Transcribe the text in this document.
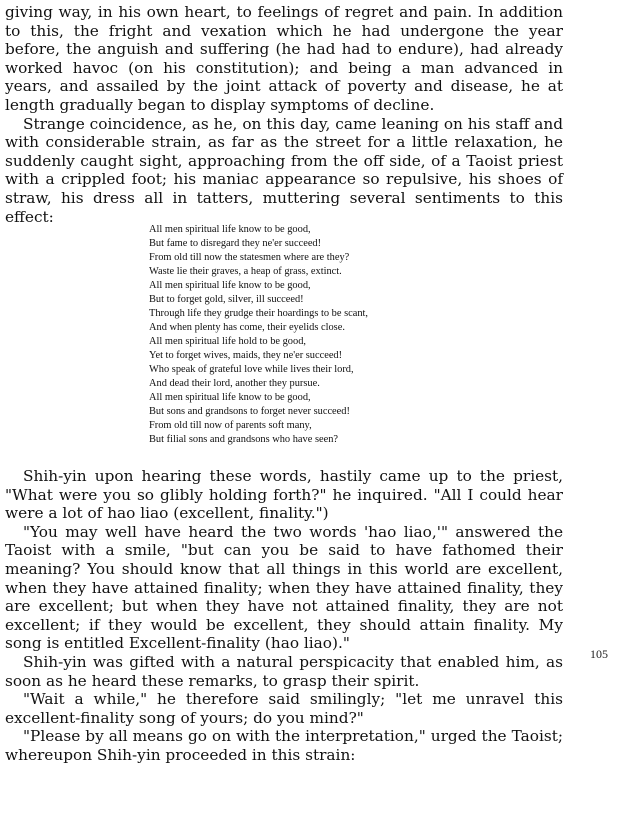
giving way, in his own heart, to feelings of regret and pain. In addition to this, the fright and vexation which he had undergone the year before, the anguish and suffering (he had had to endure), had already worked havoc (on his constitution); and being a man advanced in years, and assailed by the joint attack of poverty and disease, he at length gradually began to display symptoms of decline.

Strange coincidence, as he, on this day, came leaning on his staff and with considerable strain, as far as the street for a little relaxation, he suddenly caught sight, approaching from the off side, of a Taoist priest with a crippled foot; his maniac appearance so repulsive, his shoes of straw, his dress all in tatters, muttering several sentiments to this effect:

All men spiritual life know to be good,
But fame to disregard they ne'er succeed!
From old till now the statesmen where are they?
Waste lie their graves, a heap of grass, extinct.
All men spiritual life know to be good,
But to forget gold, silver, ill succeed!
Through life they grudge their hoardings to be scant,
And when plenty has come, their eyelids close.
All men spiritual life hold to be good,
Yet to forget wives, maids, they ne'er succeed!
Who speak of grateful love while lives their lord,
And dead their lord, another they pursue.
All men spiritual life know to be good,
But sons and grandsons to forget never succeed!
From old till now of parents soft many,
But filial sons and grandsons who have seen?

Shih-yin upon hearing these words, hastily came up to the priest, "What were you so glibly holding forth?" he inquired. "All I could hear were a lot of hao liao (excellent, finality.")

"You may well have heard the two words 'hao liao,'" answered the Taoist with a smile, "but can you be said to have fathomed their meaning? You should know that all things in this world are excellent, when they have attained finality; when they have attained finality, they are excellent; but when they have not attained finality, they are not excellent; if they would be excellent, they should attain finality. My song is entitled Excellent-finality (hao liao)."

Shih-yin was gifted with a natural perspicacity that enabled him, as soon as he heard these remarks, to grasp their spirit.

"Wait a while," he therefore said smilingly; "let me unravel this excellent-finality song of yours; do you mind?"

"Please by all means go on with the interpretation," urged the Taoist; whereupon Shih-yin proceeded in this strain:

105
